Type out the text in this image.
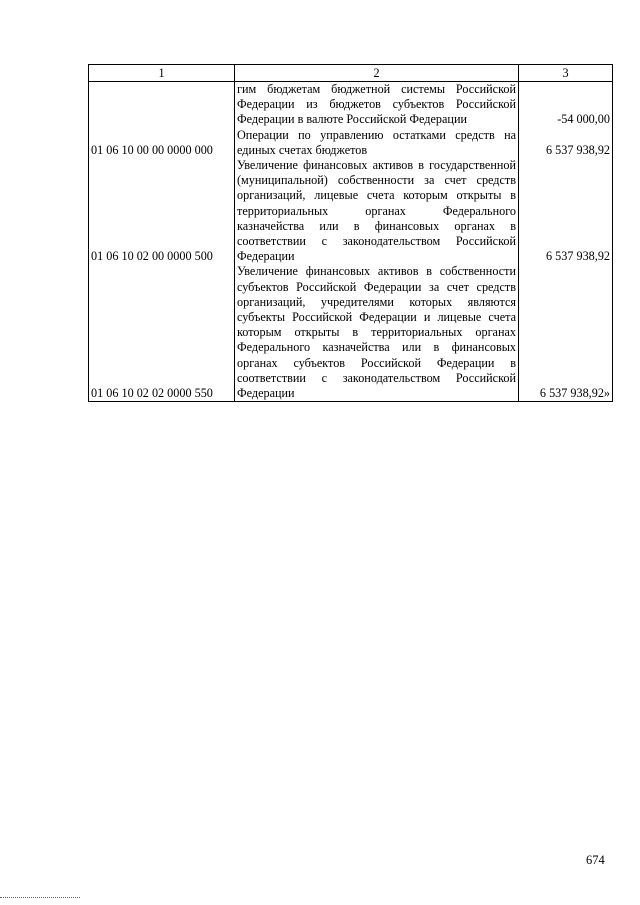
1	2	3
	гим бюджетам бюджетной системы Российской Федерации из бюджетов субъектов Российской Федерации в валюте Российской Федерации	-54 000,00
01 06 10 00 00 0000 000	Операции по управлению остатками средств на единых счетах бюджетов	6 537 938,92
01 06 10 02 00 0000 500	Увеличение финансовых активов в государственной (муниципальной) собственности за счет средств организаций, лицевые счета которым открыты в территориальных органах Федерального казначейства или в финансовых органах в соответствии с законодательством Российской Федерации	6 537 938,92
01 06 10 02 02 0000 550	Увеличение финансовых активов в собственности субъектов Российской Федерации за счет средств организаций, учредителями которых являются субъекты Российской Федерации и лицевые счета которым открыты в территориальных органах Федерального казначейства или в финансовых органах субъектов Российской Федерации в соответствии с законодательством Российской Федерации	6 537 938,92»
674
